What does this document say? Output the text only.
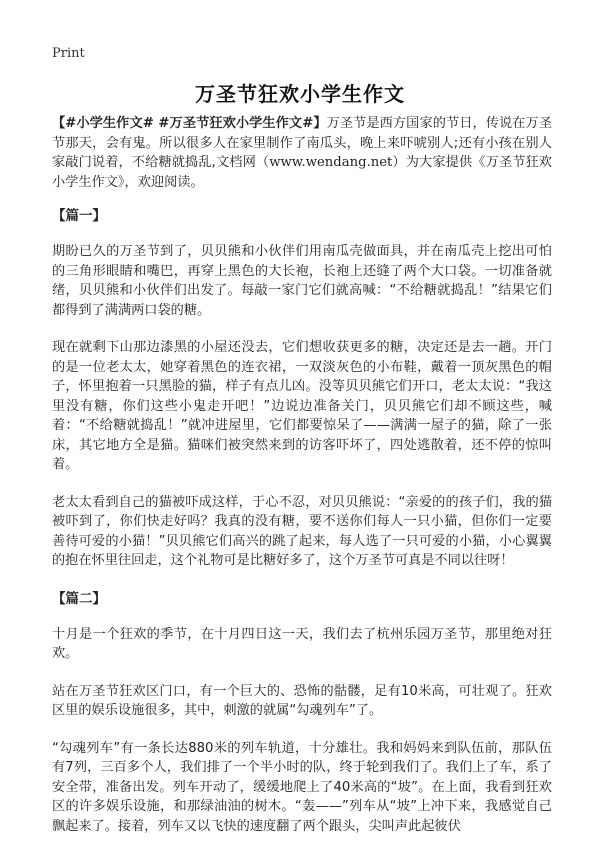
Print
万圣节狂欢小学生作文

【#小学生作文# #万圣节狂欢小学生作文#】万圣节是西方国家的节日，传说在万圣节那天，会有鬼。所以很多人在家里制作了南瓜头，晚上来吓唬别人;还有小孩在别人家敲门说着，不给糖就捣乱,文档网（www.wendang.net）为大家提供《万圣节狂欢小学生作文》，欢迎阅读。

【篇一】

期盼已久的万圣节到了，贝贝熊和小伙伴们用南瓜壳做面具，并在南瓜壳上挖出可怕的三角形眼睛和嘴巴，再穿上黑色的大长袍，长袍上还缝了两个大口袋。一切准备就绪，贝贝熊和小伙伴们出发了。每敲一家门它们就高喊：“不给糖就捣乱！”结果它们都得到了满满两口袋的糖。

现在就剩下山那边漆黑的小屋还没去，它们想收获更多的糖，决定还是去一趟。开门的是一位老太太，她穿着黑色的连衣裙，一双淡灰色的小布鞋，戴着一顶灰黑色的帽子，怀里抱着一只黑脸的猫，样子有点儿凶。没等贝贝熊它们开口，老太太说：“我这里没有糖，你们这些小鬼走开吧！”边说边准备关门，贝贝熊它们却不顾这些，喊着：“不给糖就捣乱！”就冲进屋里，它们都要惊呆了——满满一屋子的猫，除了一张床，其它地方全是猫。猫咪们被突然来到的访客吓坏了，四处逃散着，还不停的惊叫着。

老太太看到自己的猫被吓成这样，于心不忍，对贝贝熊说：“亲爱的的孩子们，我的猫被吓到了，你们快走好吗？我真的没有糖，要不送你们每人一只小猫，但你们一定要善待可爱的小猫！”贝贝熊它们高兴的跳了起来，每人选了一只可爱的小猫，小心翼翼的抱在怀里往回走，这个礼物可是比糖好多了，这个万圣节可真是不同以往呀！

【篇二】

十月是一个狂欢的季节，在十月四日这一天，我们去了杭州乐园万圣节，那里绝对狂欢。

站在万圣节狂欢区门口，有一个巨大的、恐怖的骷髅，足有10米高，可壮观了。狂欢区里的娱乐设施很多，其中，刺激的就属“勾魂列车”了。

“勾魂列车”有一条长达880米的列车轨道，十分雄壮。我和妈妈来到队伍前，那队伍有7列，三百多个人，我们排了一个半小时的队，终于轮到我们了。我们上了车，系了安全带，准备出发。列车开动了，缓缓地爬上了40米高的“坡”。在上面，我看到狂欢区的许多娱乐设施，和那绿油油的树木。“轰——”列车从“坡”上冲下来，我感觉自己飘起来了。接着，列车又以飞快的速度翻了两个跟头，尖叫声此起彼伏
